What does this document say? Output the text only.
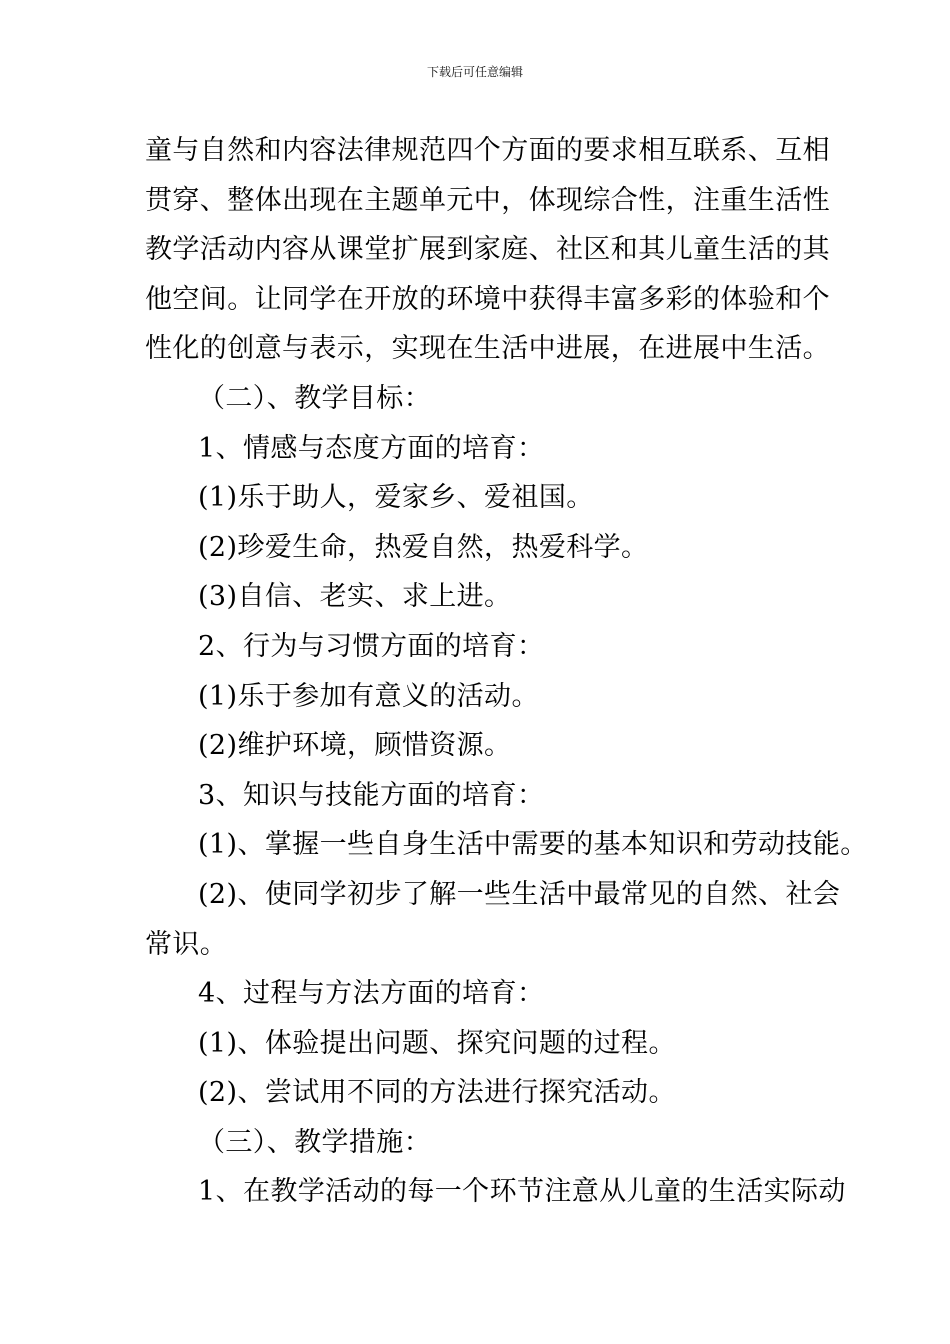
下载后可任意编辑
童与自然和内容法律规范四个方面的要求相互联系、互相
贯穿、整体出现在主题单元中，体现综合性，注重生活性
教学活动内容从课堂扩展到家庭、社区和其儿童生活的其
他空间。让同学在开放的环境中获得丰富多彩的体验和个
性化的创意与表示，实现在生活中进展，在进展中生活。
（二）、教学目标：
1、情感与态度方面的培育：
(1)乐于助人，爱家乡、爱祖国。
(2)珍爱生命，热爱自然，热爱科学。
(3)自信、老实、求上进。
2、行为与习惯方面的培育：
(1)乐于参加有意义的活动。
(2)维护环境，顾惜资源。
3、知识与技能方面的培育：
(1)、掌握一些自身生活中需要的基本知识和劳动技能。
(2)、使同学初步了解一些生活中最常见的自然、社会
常识。
4、过程与方法方面的培育：
(1)、体验提出问题、探究问题的过程。
(2)、尝试用不同的方法进行探究活动。
（三）、教学措施：
1、在教学活动的每一个环节注意从儿童的生活实际动
